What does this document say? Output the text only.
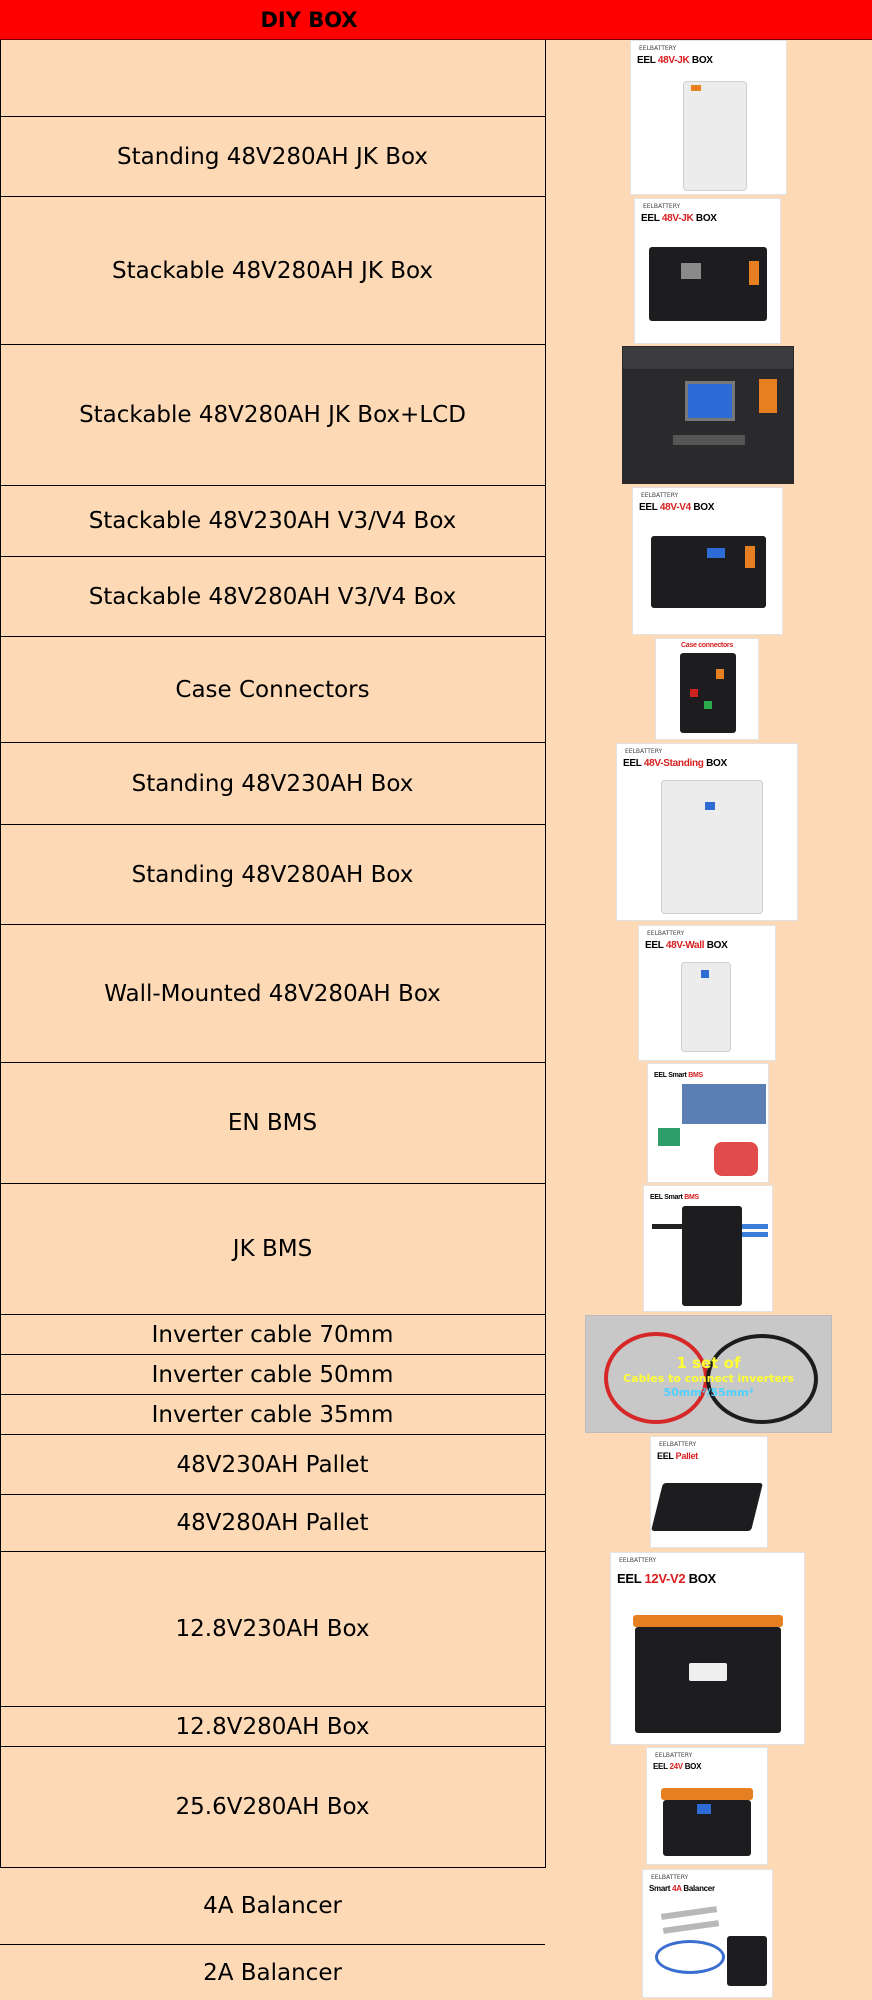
DIY BOX
Standing 48V280AH JK Box
Stackable 48V280AH JK Box
Stackable 48V280AH JK Box+LCD
Stackable 48V230AH V3/V4 Box
Stackable 48V280AH V3/V4 Box
Case Connectors
Standing 48V230AH Box
Standing 48V280AH Box
Wall-Mounted 48V280AH Box
EN BMS
JK BMS
Inverter cable 70mm
Inverter cable 50mm
Inverter cable 35mm
48V230AH Pallet
48V280AH Pallet
12.8V230AH Box
12.8V280AH Box
25.6V280AH Box
4A Balancer
2A Balancer
EELBATTERY
EEL 48V-JK BOX
EELBATTERY
EEL 48V-JK BOX
EELBATTERY
EEL 48V-V4 BOX
Case connectors
EELBATTERY
EEL 48V-Standing BOX
EELBATTERY
EEL 48V-Wall BOX
EEL Smart BMS
EEL Smart BMS
1 set of
Cables to connect inverters
50mm²/55mm²
EELBATTERY
EEL Pallet
EELBATTERY
EEL 12V-V2 BOX
EELBATTERY
EEL 24V BOX
EELBATTERY
Smart 4A Balancer
